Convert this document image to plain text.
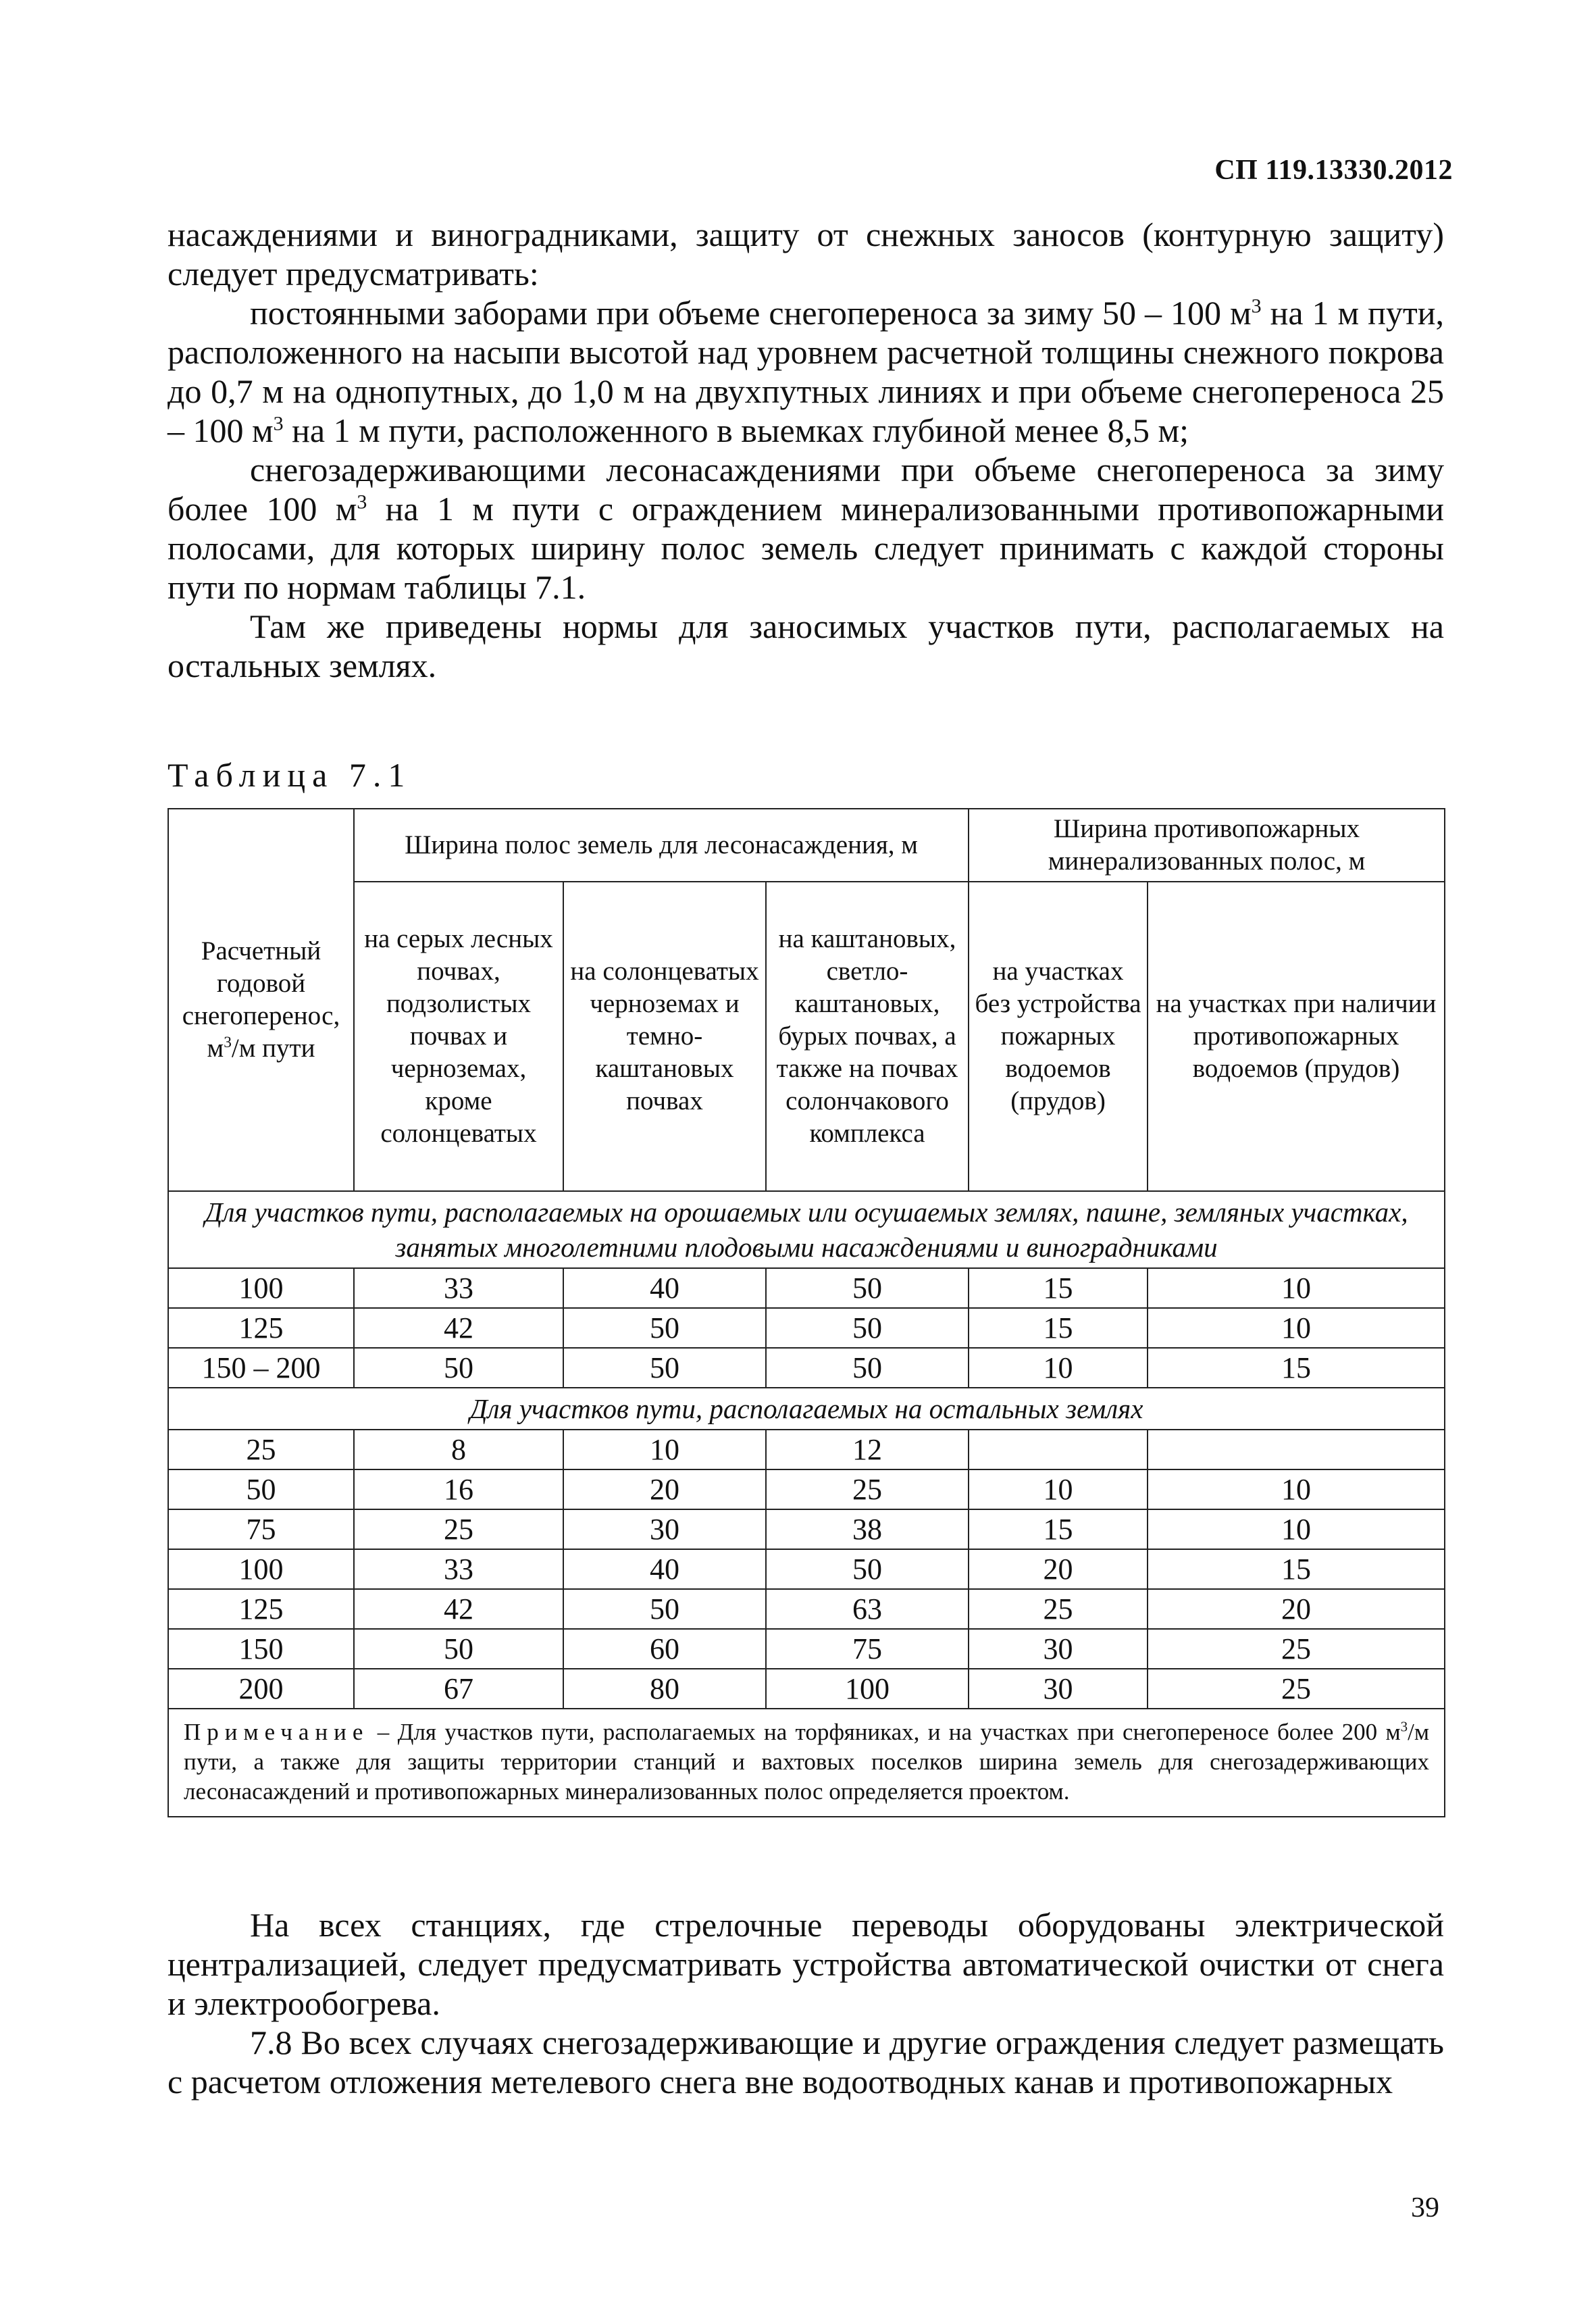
СП 119.13330.2012

насаждениями и виноградниками, защиту от снежных заносов (контурную защиту) следует предусматривать:

постоянными заборами при объеме снегопереноса за зиму 50 – 100 $м^3$ на 1 м пути, расположенного на насыпи высотой над уровнем расчетной толщины снежного покрова до 0,7 м на однопутных, до 1,0 м на двухпутных линиях и при объеме снегопереноса 25 – 100 $м^3$ на 1 м пути, расположенного в выемках глубиной менее 8,5 м;

снегозадерживающими лесонасаждениями при объеме снегопереноса за зиму более 100 $м^3$ на 1 м пути с ограждением минерализованными противопожарными полосами, для которых ширину полос земель следует принимать с каждой стороны пути по нормам таблицы 7.1.

Там же приведены нормы для заносимых участков пути, располагаемых на остальных землях.

Таблица 7.1
Расчетный годовой снегоперенос, $м^3/м$ пути	Ширина полос земель для лесонасаждения, м			Ширина противопожарных минерализованных полос, м	
	на серых лесных почвах, подзолистых почвах и черноземах, кроме солонцеватых	на солонцеватых черноземах и темно-каштановых почвах	на каштановых, светло-каштановых, бурых почвах, а также на почвах солончакового комплекса	на участках без устройства пожарных водоемов (прудов)	на участках при наличии противопожарных водоемов (прудов)
Для участков пути, располагаемых на орошаемых или осушаемых землях, пашне, земляных участках, занятых многолетними плодовыми насаждениями и виноградниками					
100	33	40	50	15	10
125	42	50	50	15	10
150 – 200	50	50	50	10	15
Для участков пути, располагаемых на остальных землях					
25	8	10	12		
50	16	20	25	10	10
75	25	30	38	15	10
100	33	40	50	20	15
125	42	50	63	25	20
150	50	60	75	30	25
200	67	80	100	30	25
Примечание – Для участков пути, располагаемых на торфяниках, и на участках при снегопереносе более 200 $м^3/м$ пути, а также для защиты территории станций и вахтовых поселков ширина земель для снегозадерживающих лесонасаждений и противопожарных минерализованных полос определяется проектом.					

На всех станциях, где стрелочные переводы оборудованы электрической централизацией, следует предусматривать устройства автоматической очистки от снега и электрообогрева.

7.8 Во всех случаях снегозадерживающие и другие ограждения следует размещать с расчетом отложения метелевого снега вне водоотводных канав и противопожарных

39
